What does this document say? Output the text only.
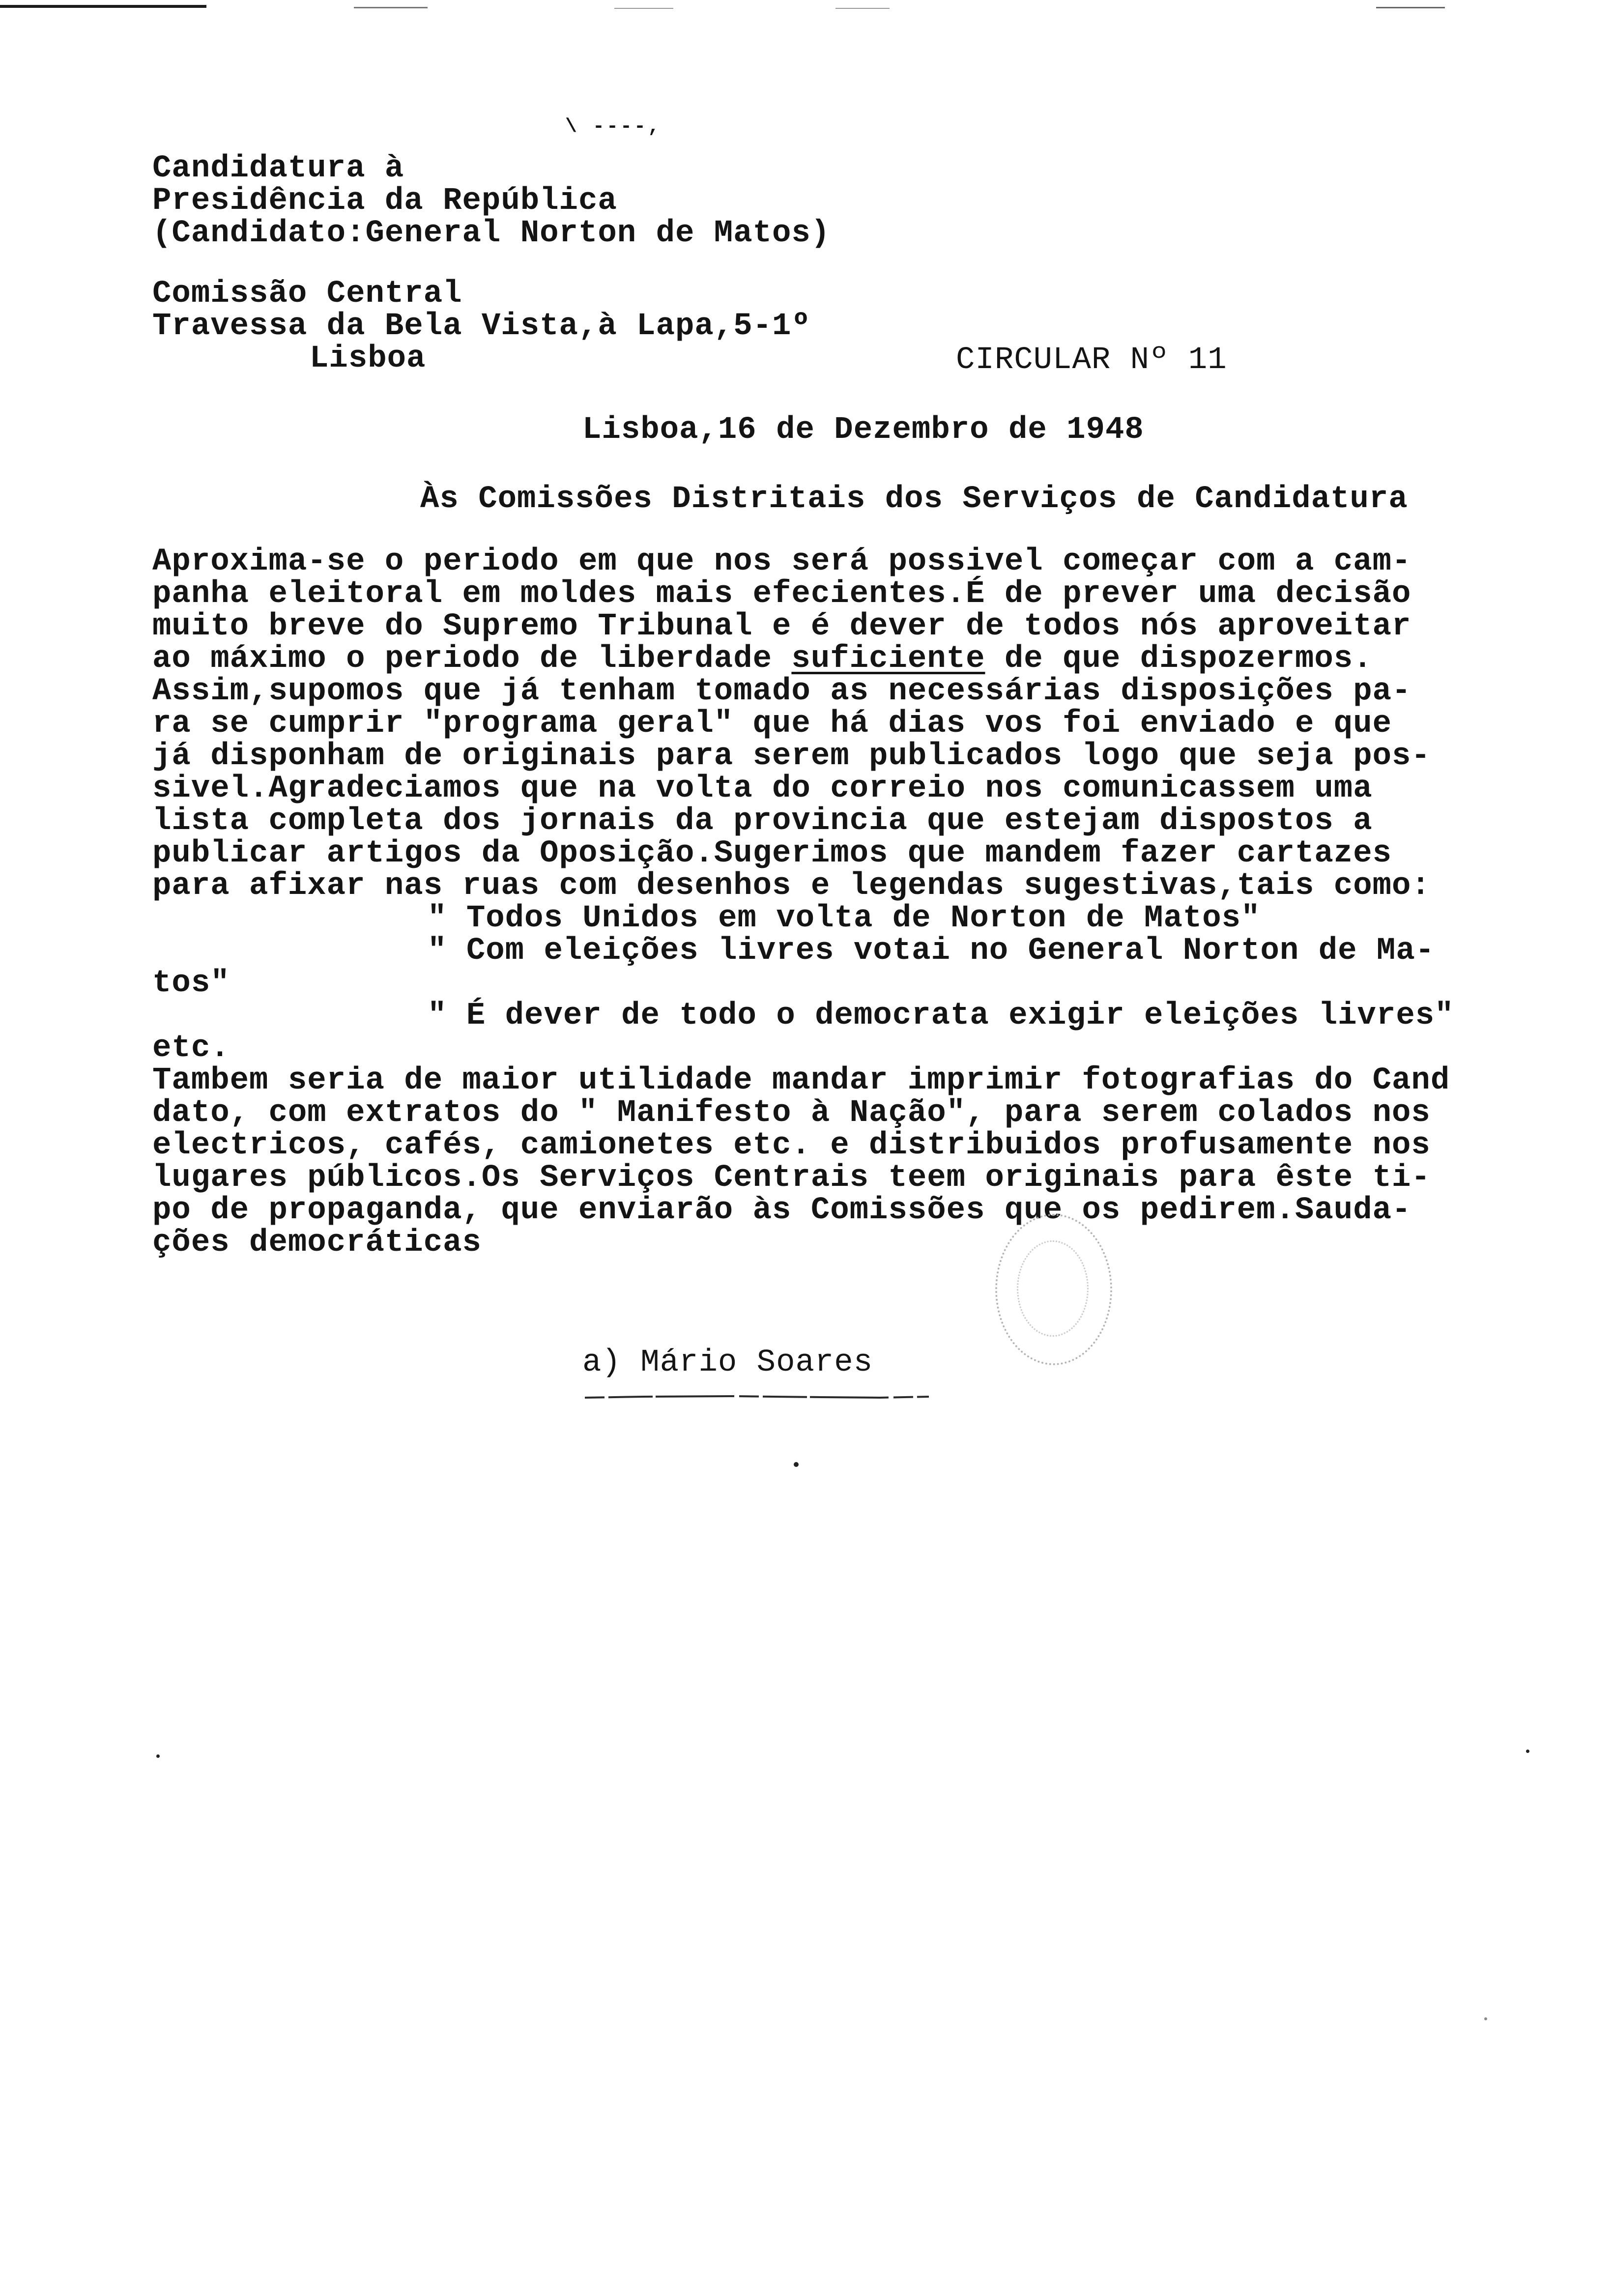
\ ----,
Candidatura à
Presidência da República
(Candidato:General Norton de Matos)
Comissão Central
Travessa da Bela Vista,à Lapa,5-1º
Lisboa	CIRCULAR Nº 11
Lisboa,16 de Dezembro de 1948
Às Comissões Distritais dos Serviços de Candidatura
Aproxima-se o periodo em que nos será possivel começar com a cam-
panha eleitoral em moldes mais efecientes.É de prever uma decisão
muito breve do Supremo Tribunal e é dever de todos nós aproveitar
ao máximo o periodo de liberdade suficiente de que dispozermos.
Assim,supomos que já tenham tomado as necessárias disposições pa-
ra se cumprir "programa geral" que há dias vos foi enviado e que
já disponham de originais para serem publicados logo que seja pos-
sivel.Agradeciamos que na volta do correio nos comunicassem uma
lista completa dos jornais da provincia que estejam dispostos a
publicar artigos da Oposição.Sugerimos que mandem fazer cartazes
para afixar nas ruas com desenhos e legendas sugestivas,tais como:
" Todos Unidos em volta de Norton de Matos"
" Com eleições livres votai no General Norton de Ma-
tos"
" É dever de todo o democrata exigir eleições livres"
etc.
Tambem seria de maior utilidade mandar imprimir fotografias do Cand
dato, com extratos do " Manifesto à Nação", para serem colados nos
electricos, cafés, camionetes etc. e distribuidos profusamente nos
lugares públicos.Os Serviços Centrais teem originais para êste ti-
po de propaganda, que enviarão às Comissões que os pedirem.Sauda-
ções democráticas
a) Mário Soares
